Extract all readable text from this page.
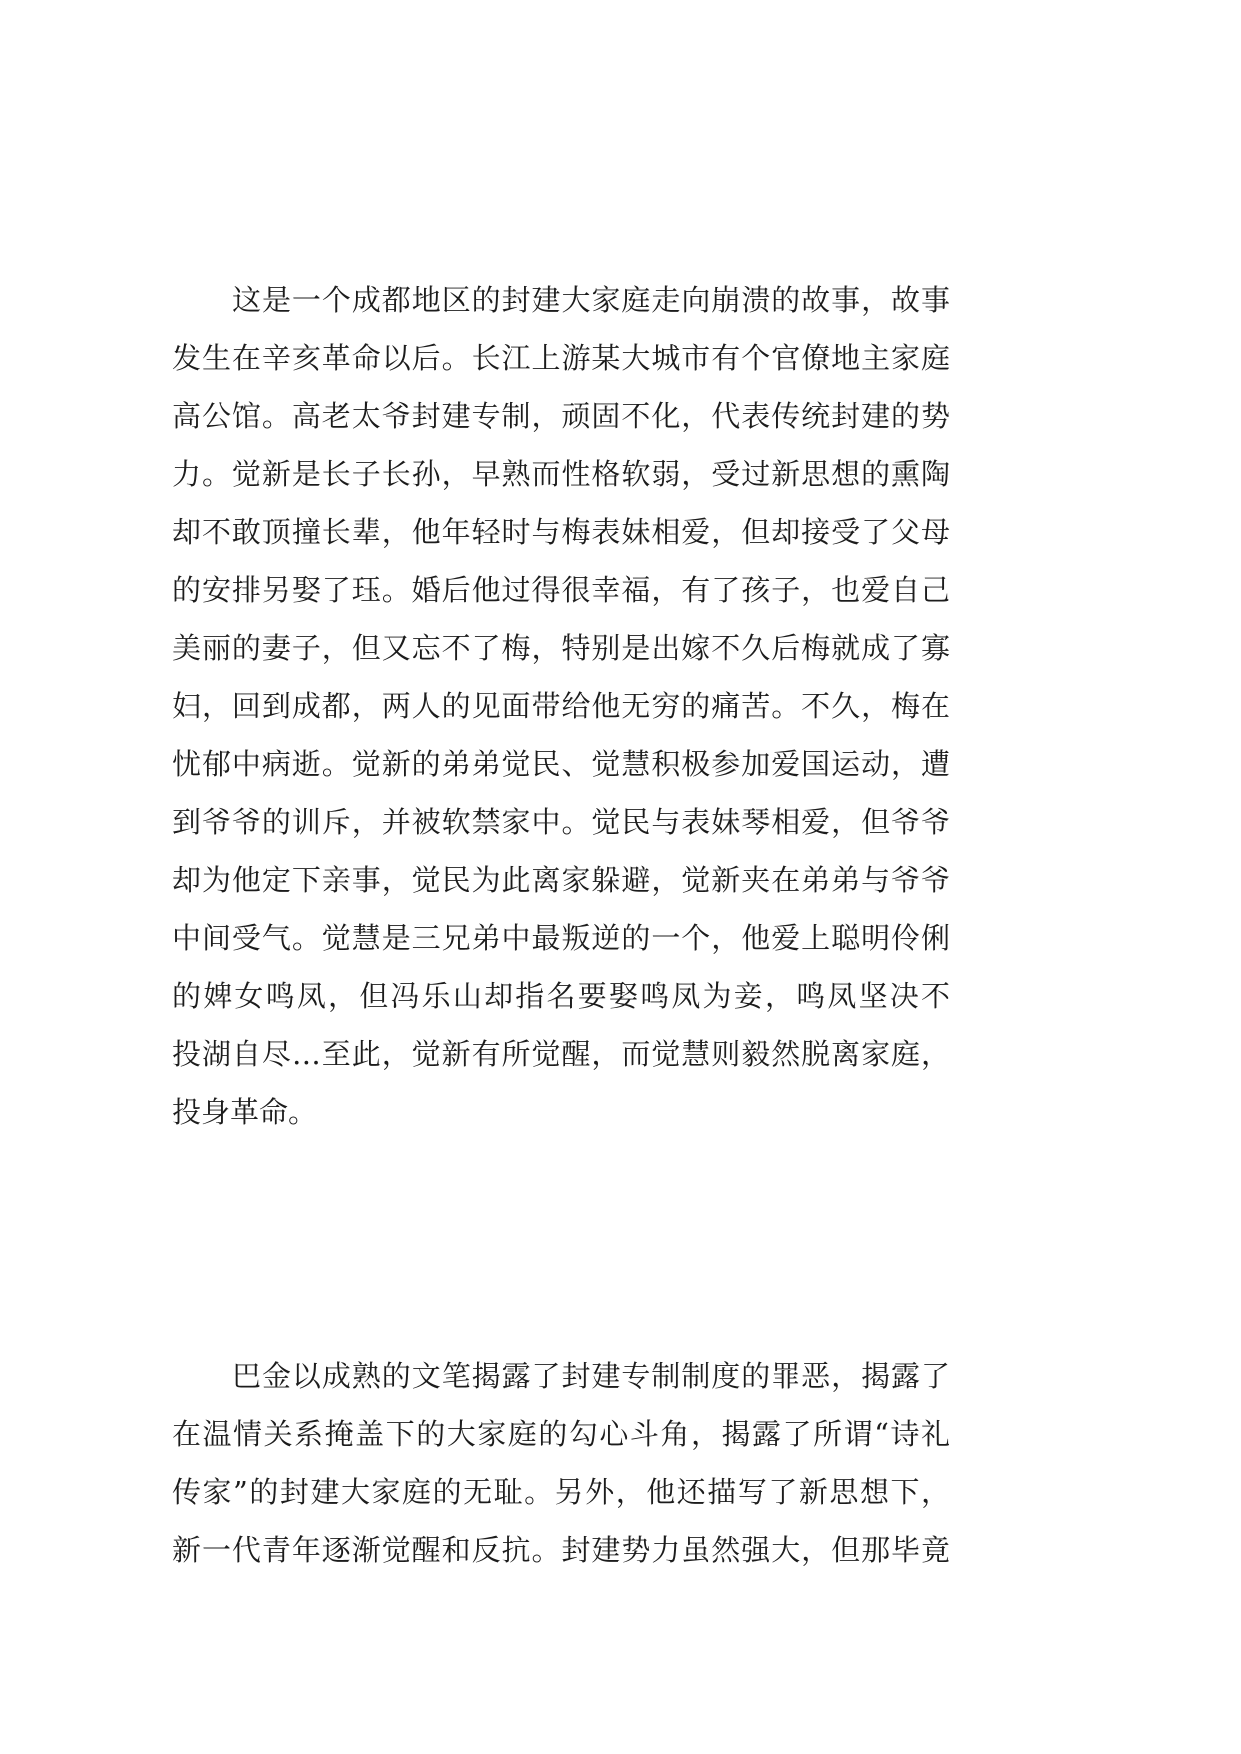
这是一个成都地区的封建大家庭走向崩溃的故事，故事
发生在辛亥革命以后。长江上游某大城市有个官僚地主家庭
高公馆。高老太爷封建专制，顽固不化，代表传统封建的势
力。觉新是长子长孙，早熟而性格软弱，受过新思想的熏陶
却不敢顶撞长辈，他年轻时与梅表妹相爱，但却接受了父母
的安排另娶了珏。婚后他过得很幸福，有了孩子，也爱自己
美丽的妻子，但又忘不了梅，特别是出嫁不久后梅就成了寡
妇，回到成都，两人的见面带给他无穷的痛苦。不久，梅在
忧郁中病逝。觉新的弟弟觉民、觉慧积极参加爱国运动，遭
到爷爷的训斥，并被软禁家中。觉民与表妹琴相爱，但爷爷
却为他定下亲事，觉民为此离家躲避，觉新夹在弟弟与爷爷
中间受气。觉慧是三兄弟中最叛逆的一个，他爱上聪明伶俐
的婢女鸣凤，但冯乐山却指名要娶鸣凤为妾，鸣凤坚决不
投湖自尽…至此，觉新有所觉醒，而觉慧则毅然脱离家庭，
投身革命。
巴金以成熟的文笔揭露了封建专制制度的罪恶，揭露了
在温情关系掩盖下的大家庭的勾心斗角，揭露了所谓“诗礼
传家”的封建大家庭的无耻。另外，他还描写了新思想下，
新一代青年逐渐觉醒和反抗。封建势力虽然强大，但那毕竟
